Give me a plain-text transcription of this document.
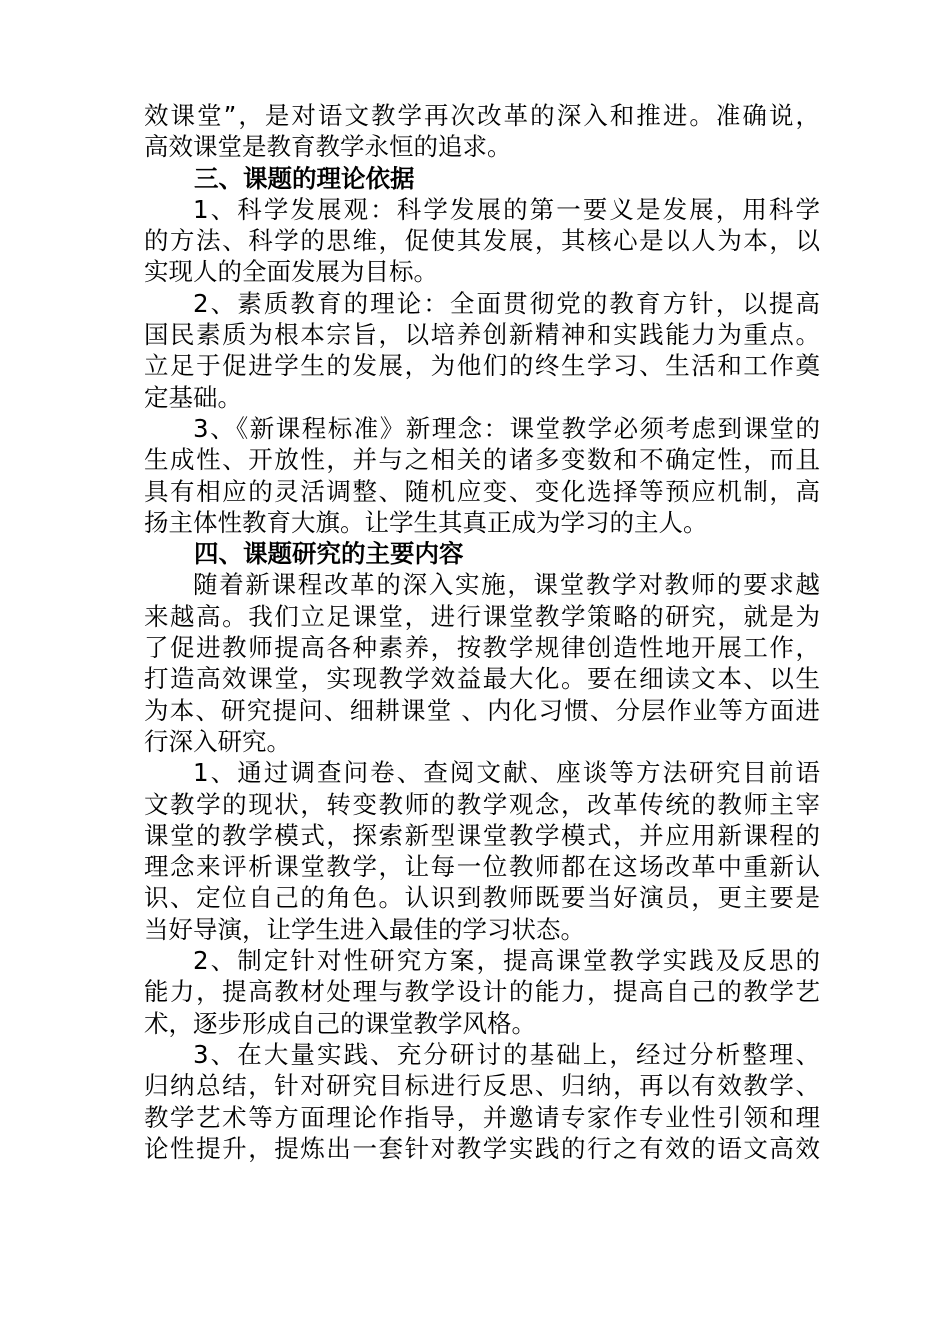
效课堂”，是对语文教学再次改革的深入和推进。准确说，
高效课堂是教育教学永恒的追求。
三、课题的理论依据
1、科学发展观：科学发展的第一要义是发展，用科学
的方法、科学的思维，促使其发展，其核心是以人为本，以
实现人的全面发展为目标。
2、素质教育的理论：全面贯彻党的教育方针，以提高
国民素质为根本宗旨，以培养创新精神和实践能力为重点。
立足于促进学生的发展，为他们的终生学习、生活和工作奠
定基础。
3、《新课程标准》新理念：课堂教学必须考虑到课堂的
生成性、开放性，并与之相关的诸多变数和不确定性，而且
具有相应的灵活调整、随机应变、变化选择等预应机制，高
扬主体性教育大旗。让学生其真正成为学习的主人。
四、课题研究的主要内容
随着新课程改革的深入实施，课堂教学对教师的要求越
来越高。我们立足课堂，进行课堂教学策略的研究，就是为
了促进教师提高各种素养，按教学规律创造性地开展工作，
打造高效课堂，实现教学效益最大化。要在细读文本、以生
为本、研究提问、细耕课堂 、内化习惯、分层作业等方面进
行深入研究。
1、通过调查问卷、查阅文献、座谈等方法研究目前语
文教学的现状，转变教师的教学观念，改革传统的教师主宰
课堂的教学模式，探索新型课堂教学模式，并应用新课程的
理念来评析课堂教学，让每一位教师都在这场改革中重新认
识、定位自己的角色。认识到教师既要当好演员，更主要是
当好导演，让学生进入最佳的学习状态。
2、制定针对性研究方案，提高课堂教学实践及反思的
能力，提高教材处理与教学设计的能力，提高自己的教学艺
术，逐步形成自己的课堂教学风格。
3、在大量实践、充分研讨的基础上，经过分析整理、
归纳总结，针对研究目标进行反思、归纳，再以有效教学、
教学艺术等方面理论作指导，并邀请专家作专业性引领和理
论性提升，提炼出一套针对教学实践的行之有效的语文高效
